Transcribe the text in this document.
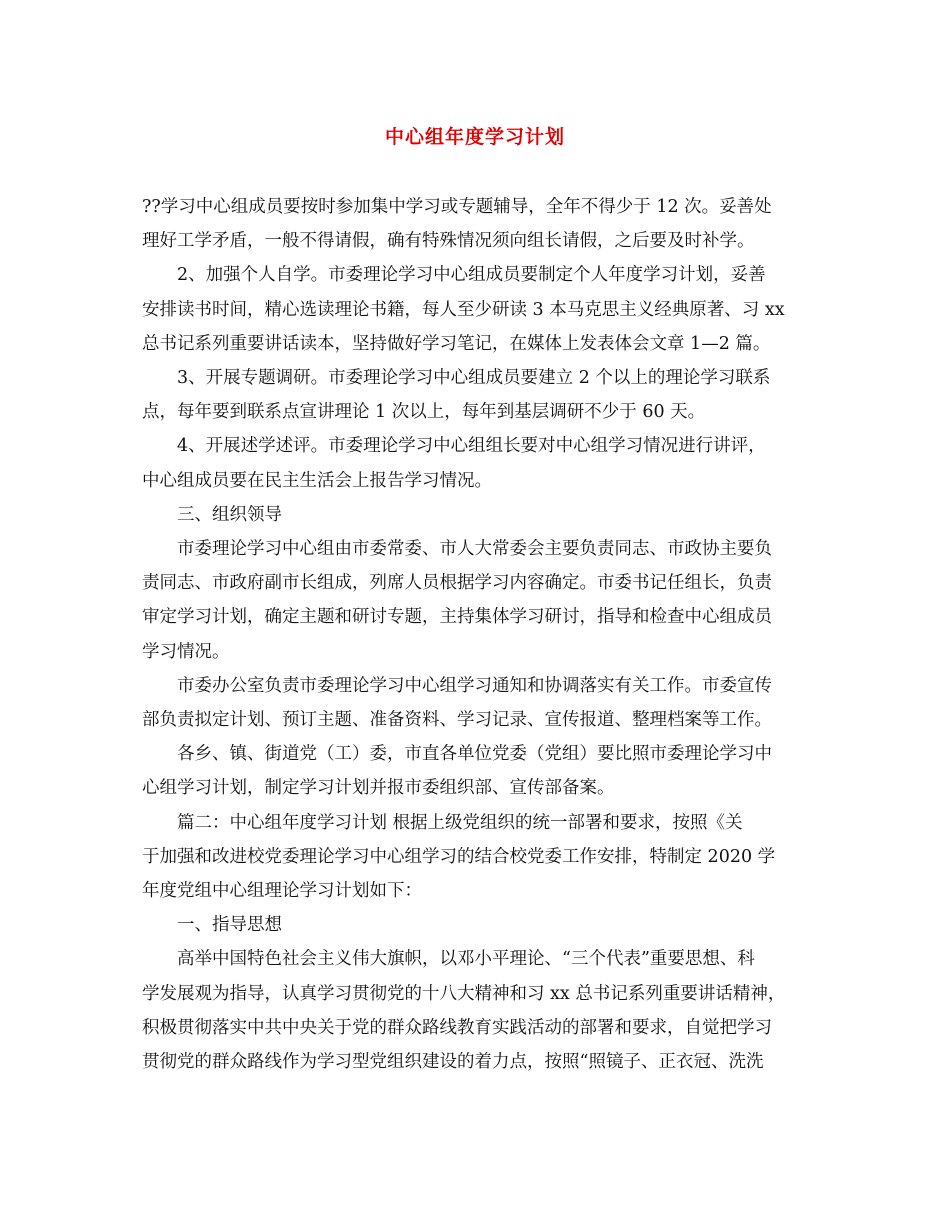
中心组年度学习计划

??学习中心组成员要按时参加集中学习或专题辅导，全年不得少于 12 次。妥善处
理好工学矛盾，一般不得请假，确有特殊情况须向组长请假，之后要及时补学。

2、加强个人自学。市委理论学习中心组成员要制定个人年度学习计划，妥善
安排读书时间，精心选读理论书籍，每人至少研读 3 本马克思主义经典原著、习 xx
总书记系列重要讲话读本，坚持做好学习笔记，在媒体上发表体会文章 1—2 篇。

3、开展专题调研。市委理论学习中心组成员要建立 2 个以上的理论学习联系
点，每年要到联系点宣讲理论 1 次以上，每年到基层调研不少于 60 天。

4、开展述学述评。市委理论学习中心组组长要对中心组学习情况进行讲评，
中心组成员要在民主生活会上报告学习情况。

三、组织领导

市委理论学习中心组由市委常委、市人大常委会主要负责同志、市政协主要负
责同志、市政府副市长组成，列席人员根据学习内容确定。市委书记任组长，负责
审定学习计划，确定主题和研讨专题，主持集体学习研讨，指导和检查中心组成员
学习情况。

市委办公室负责市委理论学习中心组学习通知和协调落实有关工作。市委宣传
部负责拟定计划、预订主题、准备资料、学习记录、宣传报道、整理档案等工作。

各乡、镇、街道党（工）委，市直各单位党委（党组）要比照市委理论学习中
心组学习计划，制定学习计划并报市委组织部、宣传部备案。

篇二：中心组年度学习计划 根据上级党组织的统一部署和要求，按照《关
于加强和改进校党委理论学习中心组学习的结合校党委工作安排，特制定 2020 学
年度党组中心组理论学习计划如下：

一、指导思想

高举中国特色社会主义伟大旗帜，以邓小平理论、“三个代表”重要思想、科
学发展观为指导，认真学习贯彻党的十八大精神和习 xx 总书记系列重要讲话精神，
积极贯彻落实中共中央关于党的群众路线教育实践活动的部署和要求，自觉把学习
贯彻党的群众路线作为学习型党组织建设的着力点，按照“照镜子、正衣冠、洗洗
